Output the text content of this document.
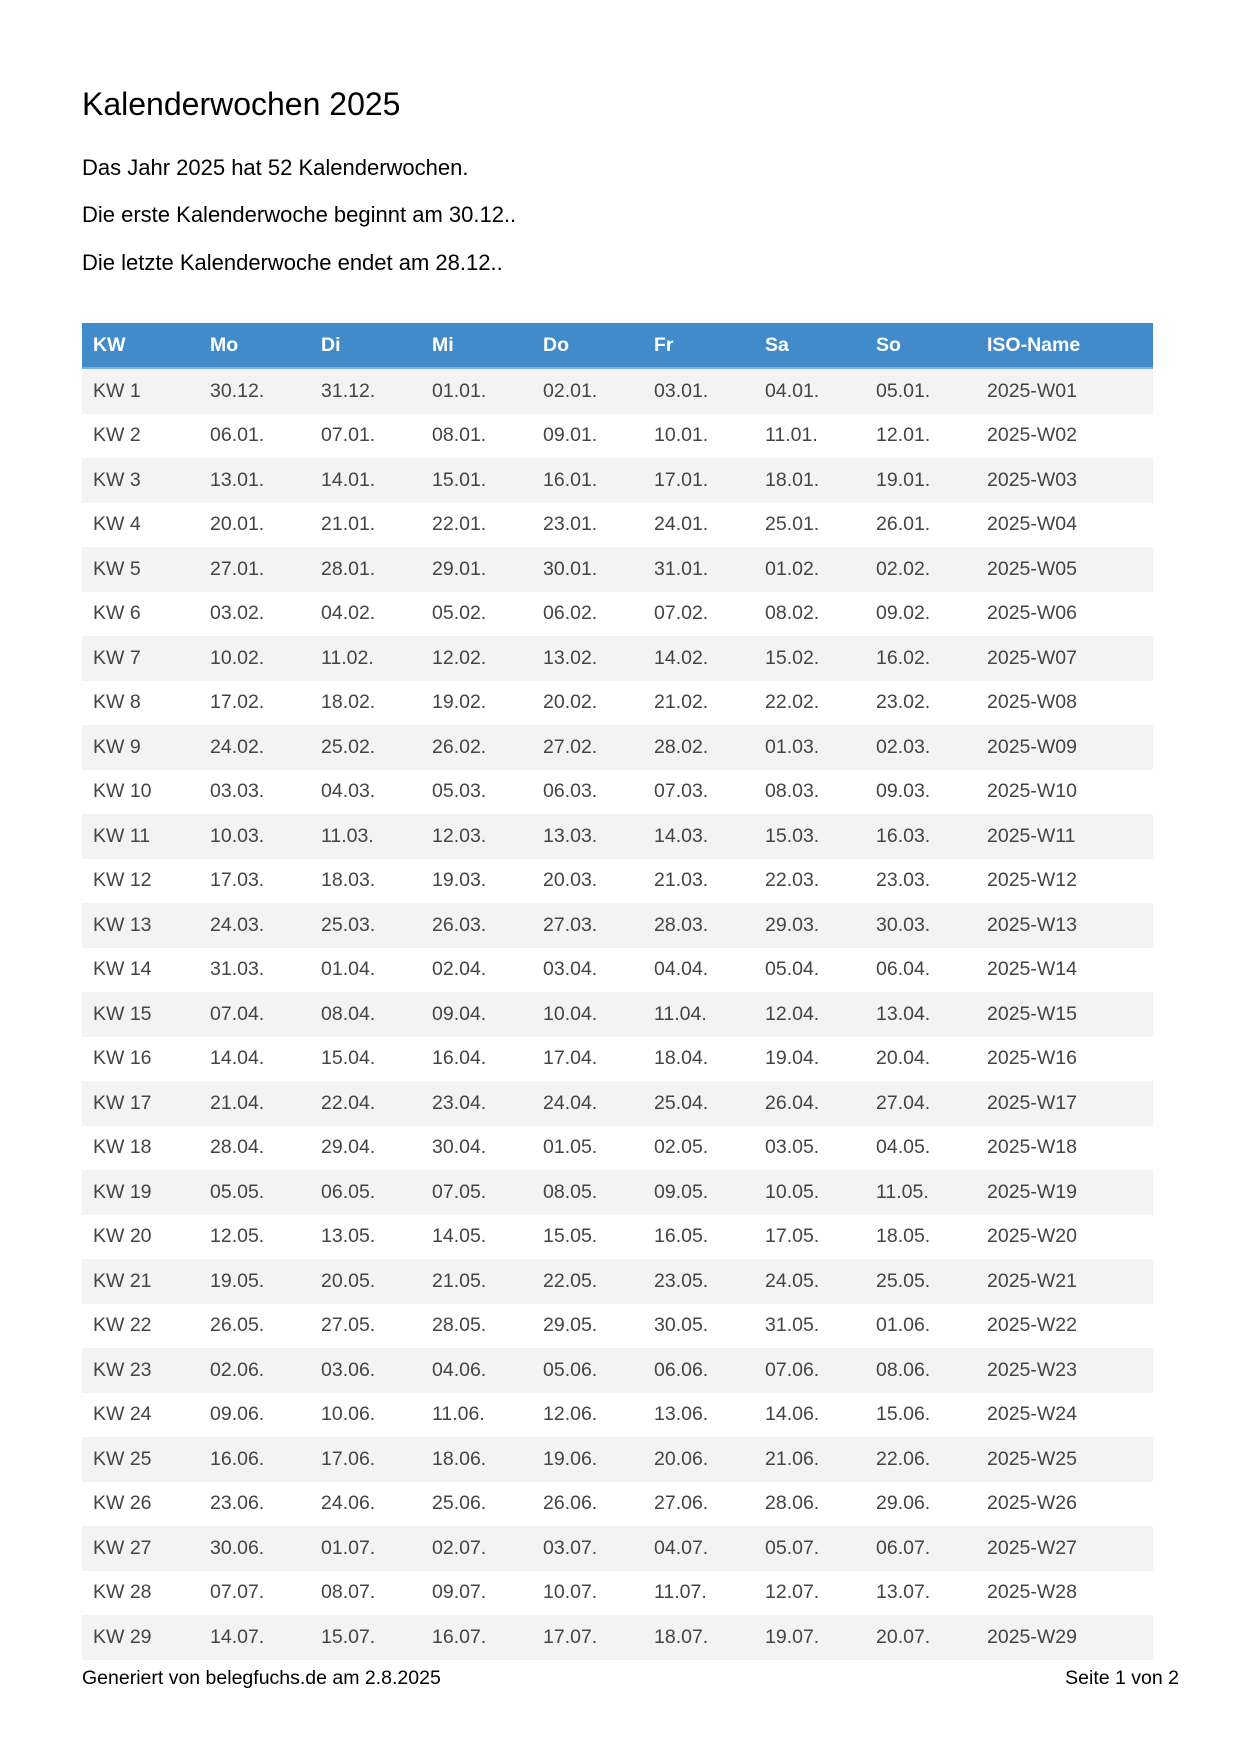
Kalenderwochen 2025

Das Jahr 2025 hat 52 Kalenderwochen.

Die erste Kalenderwoche beginnt am 30.12..

Die letzte Kalenderwoche endet am 28.12..

KW	Mo	Di	Mi	Do	Fr	Sa	So	ISO-Name
KW 1	30.12.	31.12.	01.01.	02.01.	03.01.	04.01.	05.01.	2025-W01
KW 2	06.01.	07.01.	08.01.	09.01.	10.01.	11.01.	12.01.	2025-W02
KW 3	13.01.	14.01.	15.01.	16.01.	17.01.	18.01.	19.01.	2025-W03
KW 4	20.01.	21.01.	22.01.	23.01.	24.01.	25.01.	26.01.	2025-W04
KW 5	27.01.	28.01.	29.01.	30.01.	31.01.	01.02.	02.02.	2025-W05
KW 6	03.02.	04.02.	05.02.	06.02.	07.02.	08.02.	09.02.	2025-W06
KW 7	10.02.	11.02.	12.02.	13.02.	14.02.	15.02.	16.02.	2025-W07
KW 8	17.02.	18.02.	19.02.	20.02.	21.02.	22.02.	23.02.	2025-W08
KW 9	24.02.	25.02.	26.02.	27.02.	28.02.	01.03.	02.03.	2025-W09
KW 10	03.03.	04.03.	05.03.	06.03.	07.03.	08.03.	09.03.	2025-W10
KW 11	10.03.	11.03.	12.03.	13.03.	14.03.	15.03.	16.03.	2025-W11
KW 12	17.03.	18.03.	19.03.	20.03.	21.03.	22.03.	23.03.	2025-W12
KW 13	24.03.	25.03.	26.03.	27.03.	28.03.	29.03.	30.03.	2025-W13
KW 14	31.03.	01.04.	02.04.	03.04.	04.04.	05.04.	06.04.	2025-W14
KW 15	07.04.	08.04.	09.04.	10.04.	11.04.	12.04.	13.04.	2025-W15
KW 16	14.04.	15.04.	16.04.	17.04.	18.04.	19.04.	20.04.	2025-W16
KW 17	21.04.	22.04.	23.04.	24.04.	25.04.	26.04.	27.04.	2025-W17
KW 18	28.04.	29.04.	30.04.	01.05.	02.05.	03.05.	04.05.	2025-W18
KW 19	05.05.	06.05.	07.05.	08.05.	09.05.	10.05.	11.05.	2025-W19
KW 20	12.05.	13.05.	14.05.	15.05.	16.05.	17.05.	18.05.	2025-W20
KW 21	19.05.	20.05.	21.05.	22.05.	23.05.	24.05.	25.05.	2025-W21
KW 22	26.05.	27.05.	28.05.	29.05.	30.05.	31.05.	01.06.	2025-W22
KW 23	02.06.	03.06.	04.06.	05.06.	06.06.	07.06.	08.06.	2025-W23
KW 24	09.06.	10.06.	11.06.	12.06.	13.06.	14.06.	15.06.	2025-W24
KW 25	16.06.	17.06.	18.06.	19.06.	20.06.	21.06.	22.06.	2025-W25
KW 26	23.06.	24.06.	25.06.	26.06.	27.06.	28.06.	29.06.	2025-W26
KW 27	30.06.	01.07.	02.07.	03.07.	04.07.	05.07.	06.07.	2025-W27
KW 28	07.07.	08.07.	09.07.	10.07.	11.07.	12.07.	13.07.	2025-W28
KW 29	14.07.	15.07.	16.07.	17.07.	18.07.	19.07.	20.07.	2025-W29
Generiert von belegfuchs.de am 2.8.2025	Seite 1 von 2
